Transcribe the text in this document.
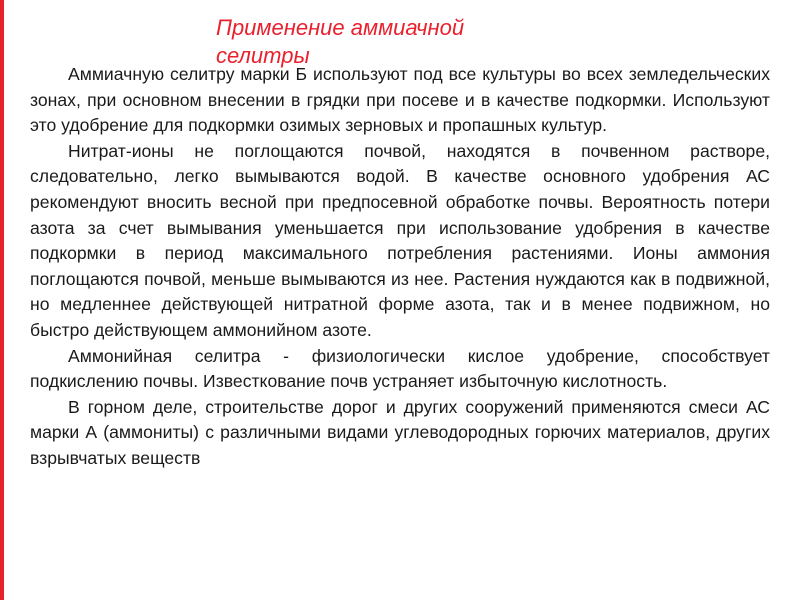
Применение аммиачной селитры

Аммиачную селитру марки Б используют под все культуры во всех земледельческих зонах, при основном внесении в грядки при посеве и в качестве подкормки. Используют это удобрение для подкормки озимых зерновых и пропашных культур.

Нитрат-ионы не поглощаются почвой, находятся в почвенном растворе, следовательно, легко вымываются водой. В качестве основного удобрения АС рекомендуют вносить весной при предпосевной обработке почвы. Вероятность потери азота за счет вымывания уменьшается при использование удобрения в качестве подкормки в период максимального потребления растениями. Ионы аммония поглощаются почвой, меньше вымываются из нее. Растения нуждаются как в подвижной, но медленнее действующей нитратной форме азота, так и в менее подвижном, но быстро действующем аммонийном азоте.

Аммонийная селитра - физиологически кислое удобрение, способствует подкислению почвы. Известкование почв устраняет избыточную кислотность.

В горном деле, строительстве дорог и других сооружений применяются смеси АС марки А (аммониты) с различными видами углеводородных горючих материалов, других взрывчатых веществ
